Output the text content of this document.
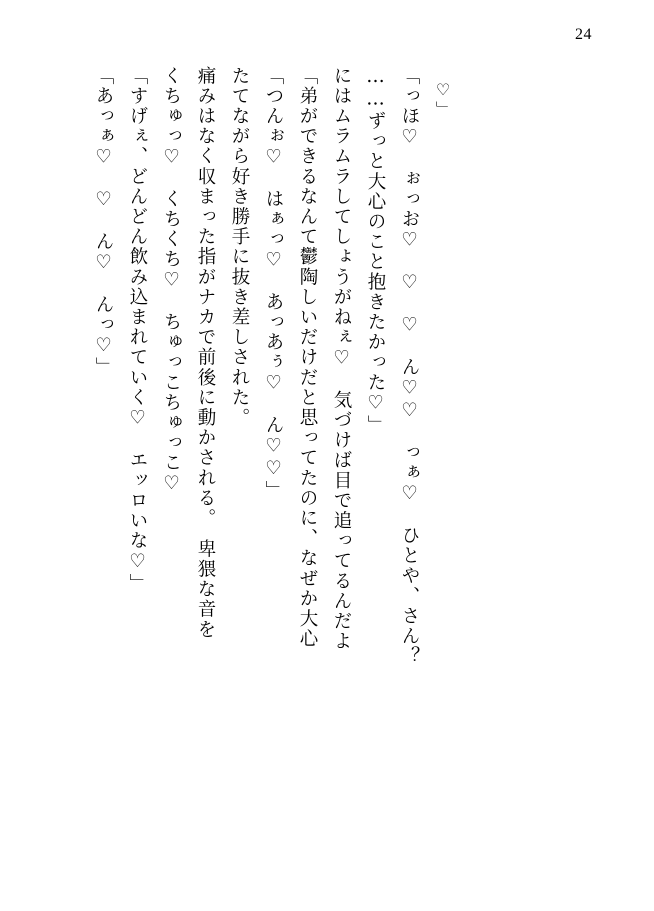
24
「あっぁ♡　♡　ん♡　んっ♡」 「すげぇ、どんどん飲み込まれていく♡　エッロいな♡」 くちゅっ♡　くちくち♡　ちゅっこちゅっこ♡ 痛みはなく収まった指がナカで前後に動かされる。　卑猥な音を たてながら好き勝手に抜き差しされた。 「つんぉ♡　はぁっ♡　あっあぅ♡　ん♡♡」 「弟ができるなんて鬱陶しいだけだと思ってたのに、なぜか大心 にはムラムラしてしょうがねぇ♡　気づけば目で追ってるんだよ ……ずっと大心のこと抱きたかった♡」 「っほ♡　ぉっお♡　♡　♡　ん♡♡　っぁ♡　ひとや、さん？ ♡」
